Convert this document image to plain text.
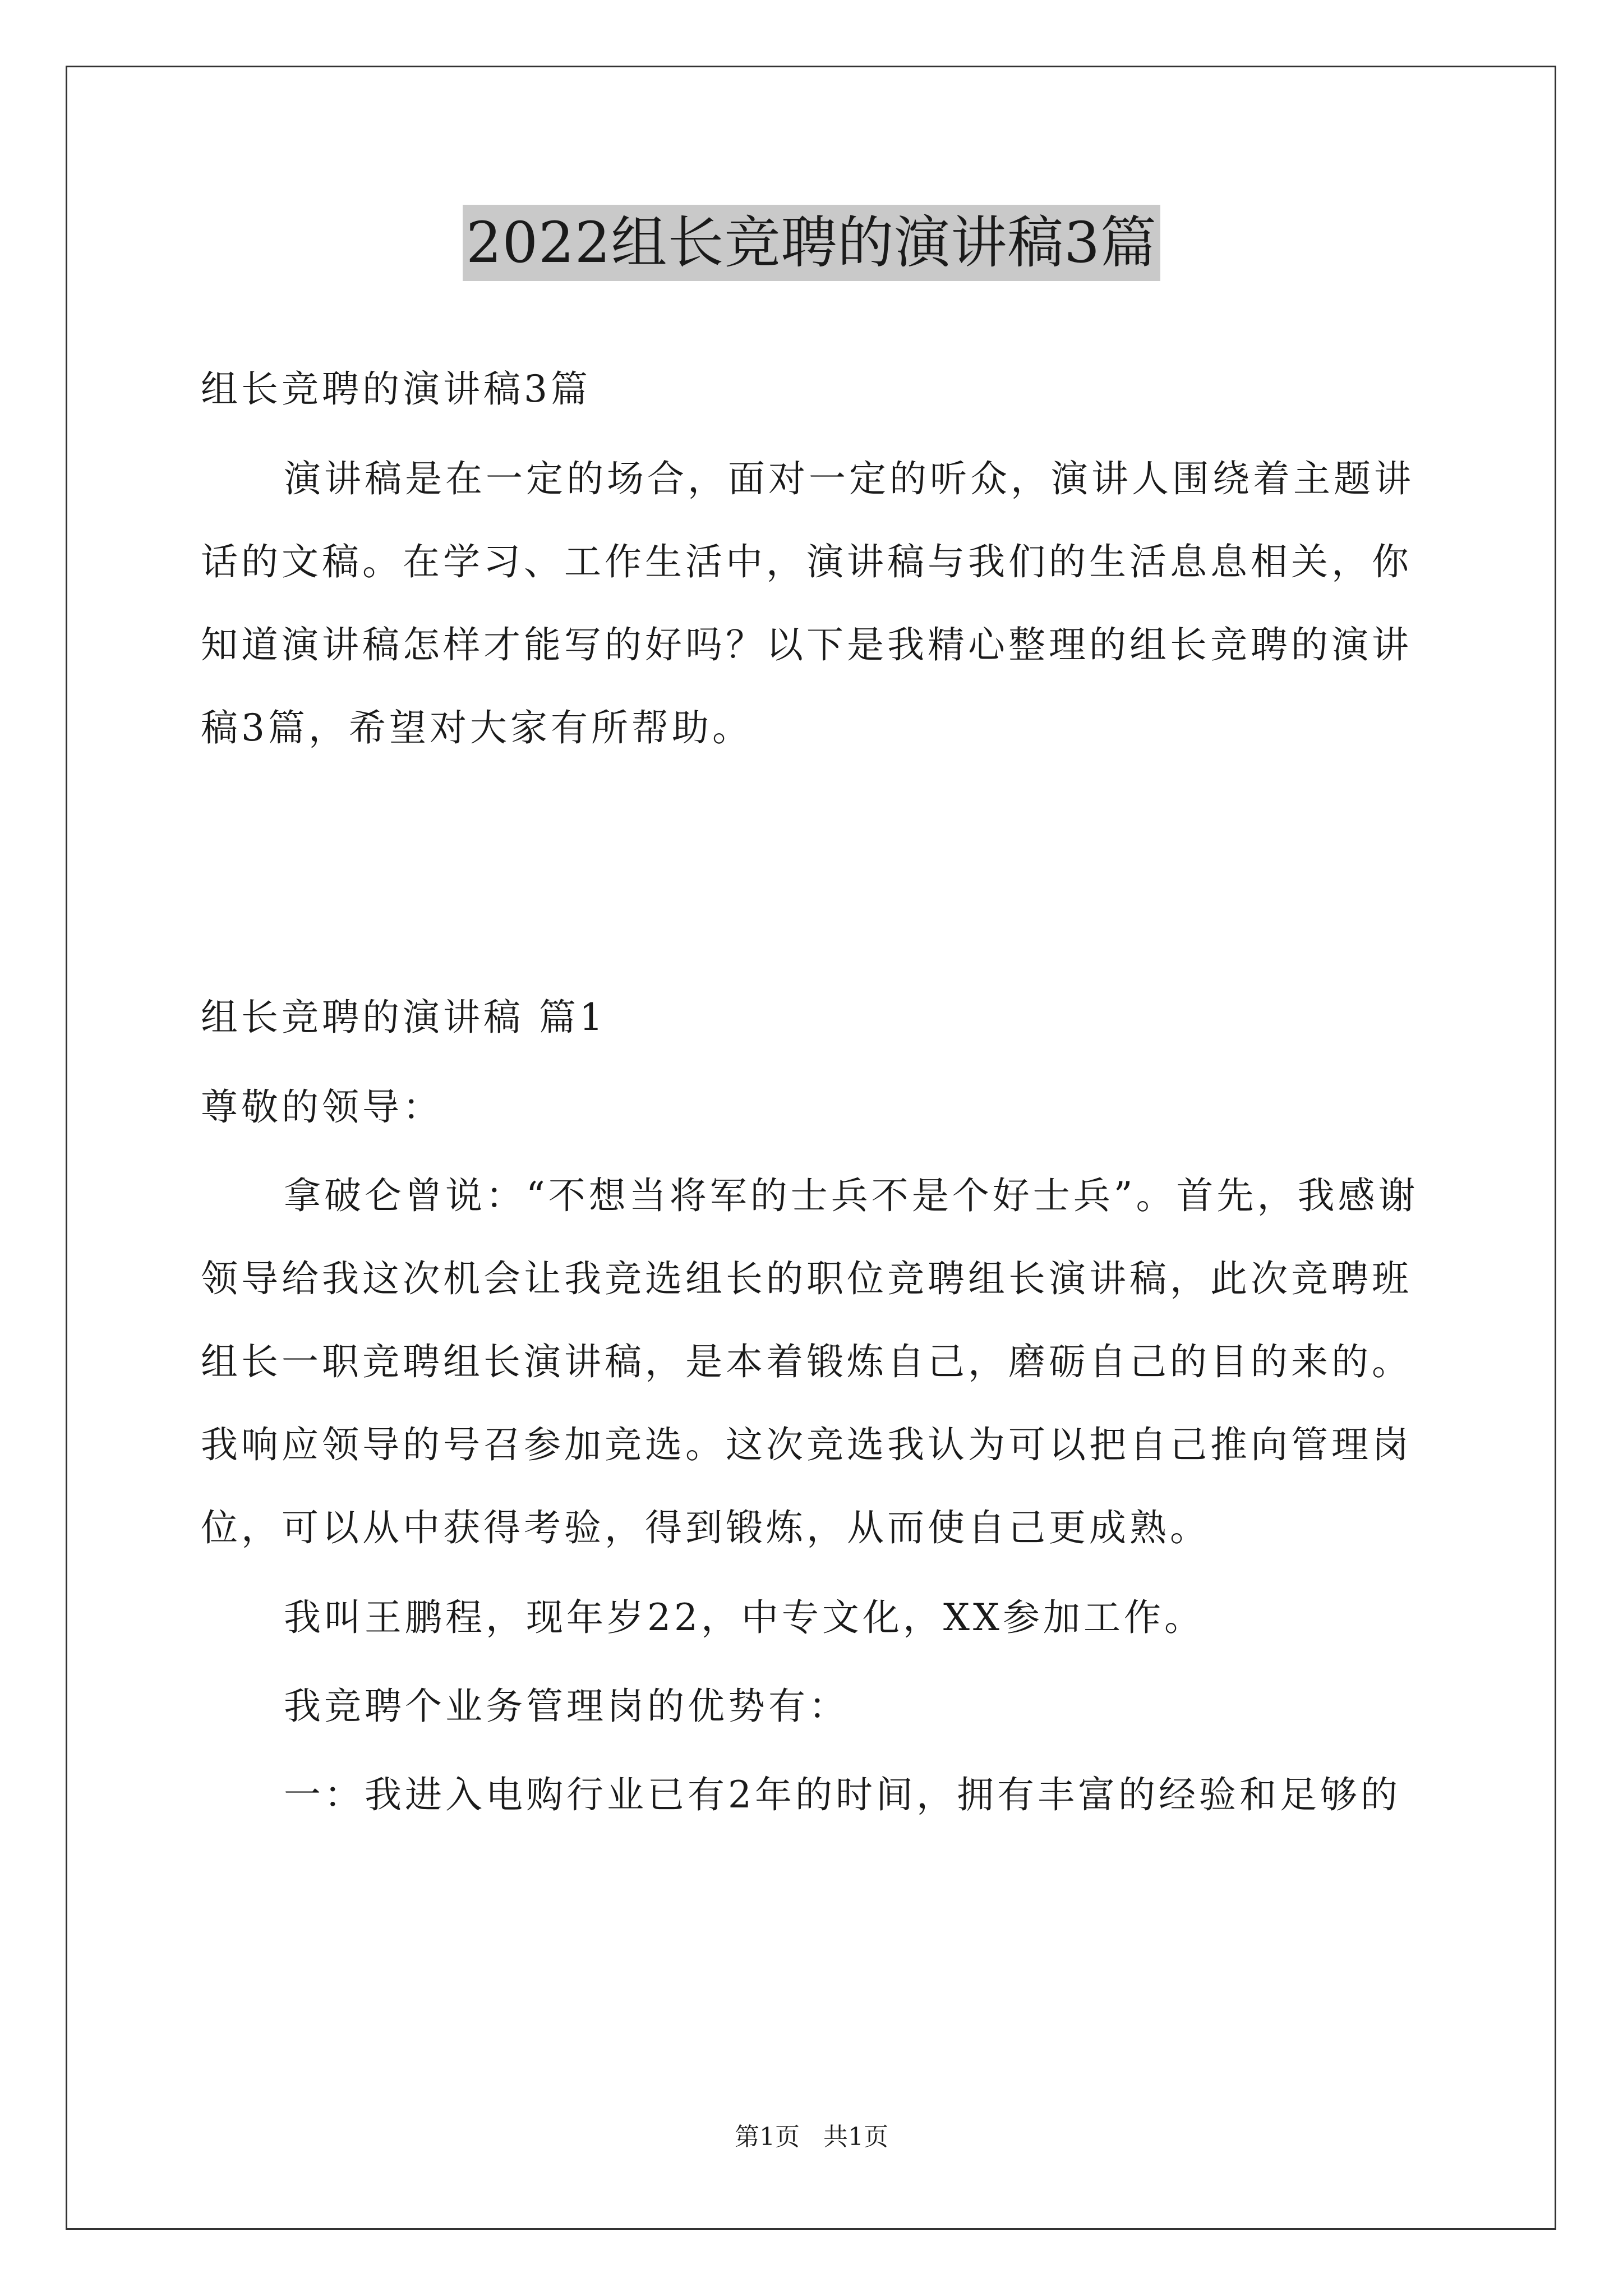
2022组长竞聘的演讲稿3篇
组长竞聘的演讲稿3篇
演讲稿是在一定的场合，面对一定的听众，演讲人围绕着主题讲
话的文稿。在学习、工作生活中，演讲稿与我们的生活息息相关，你
知道演讲稿怎样才能写的好吗？以下是我精心整理的组长竞聘的演讲
稿3篇，希望对大家有所帮助。
组长竞聘的演讲稿 篇1
尊敬的领导：
拿破仑曾说：“不想当将军的士兵不是个好士兵”。首先，我感谢
领导给我这次机会让我竞选组长的职位竞聘组长演讲稿，此次竞聘班
组长一职竞聘组长演讲稿，是本着锻炼自己，磨砺自己的目的来的。
我响应领导的号召参加竞选。这次竞选我认为可以把自己推向管理岗
位，可以从中获得考验，得到锻炼，从而使自己更成熟。
我叫王鹏程，现年岁22，中专文化，XX参加工作。
我竞聘个业务管理岗的优势有：
一：我进入电购行业已有2年的时间，拥有丰富的经验和足够的
第1页   共1页
